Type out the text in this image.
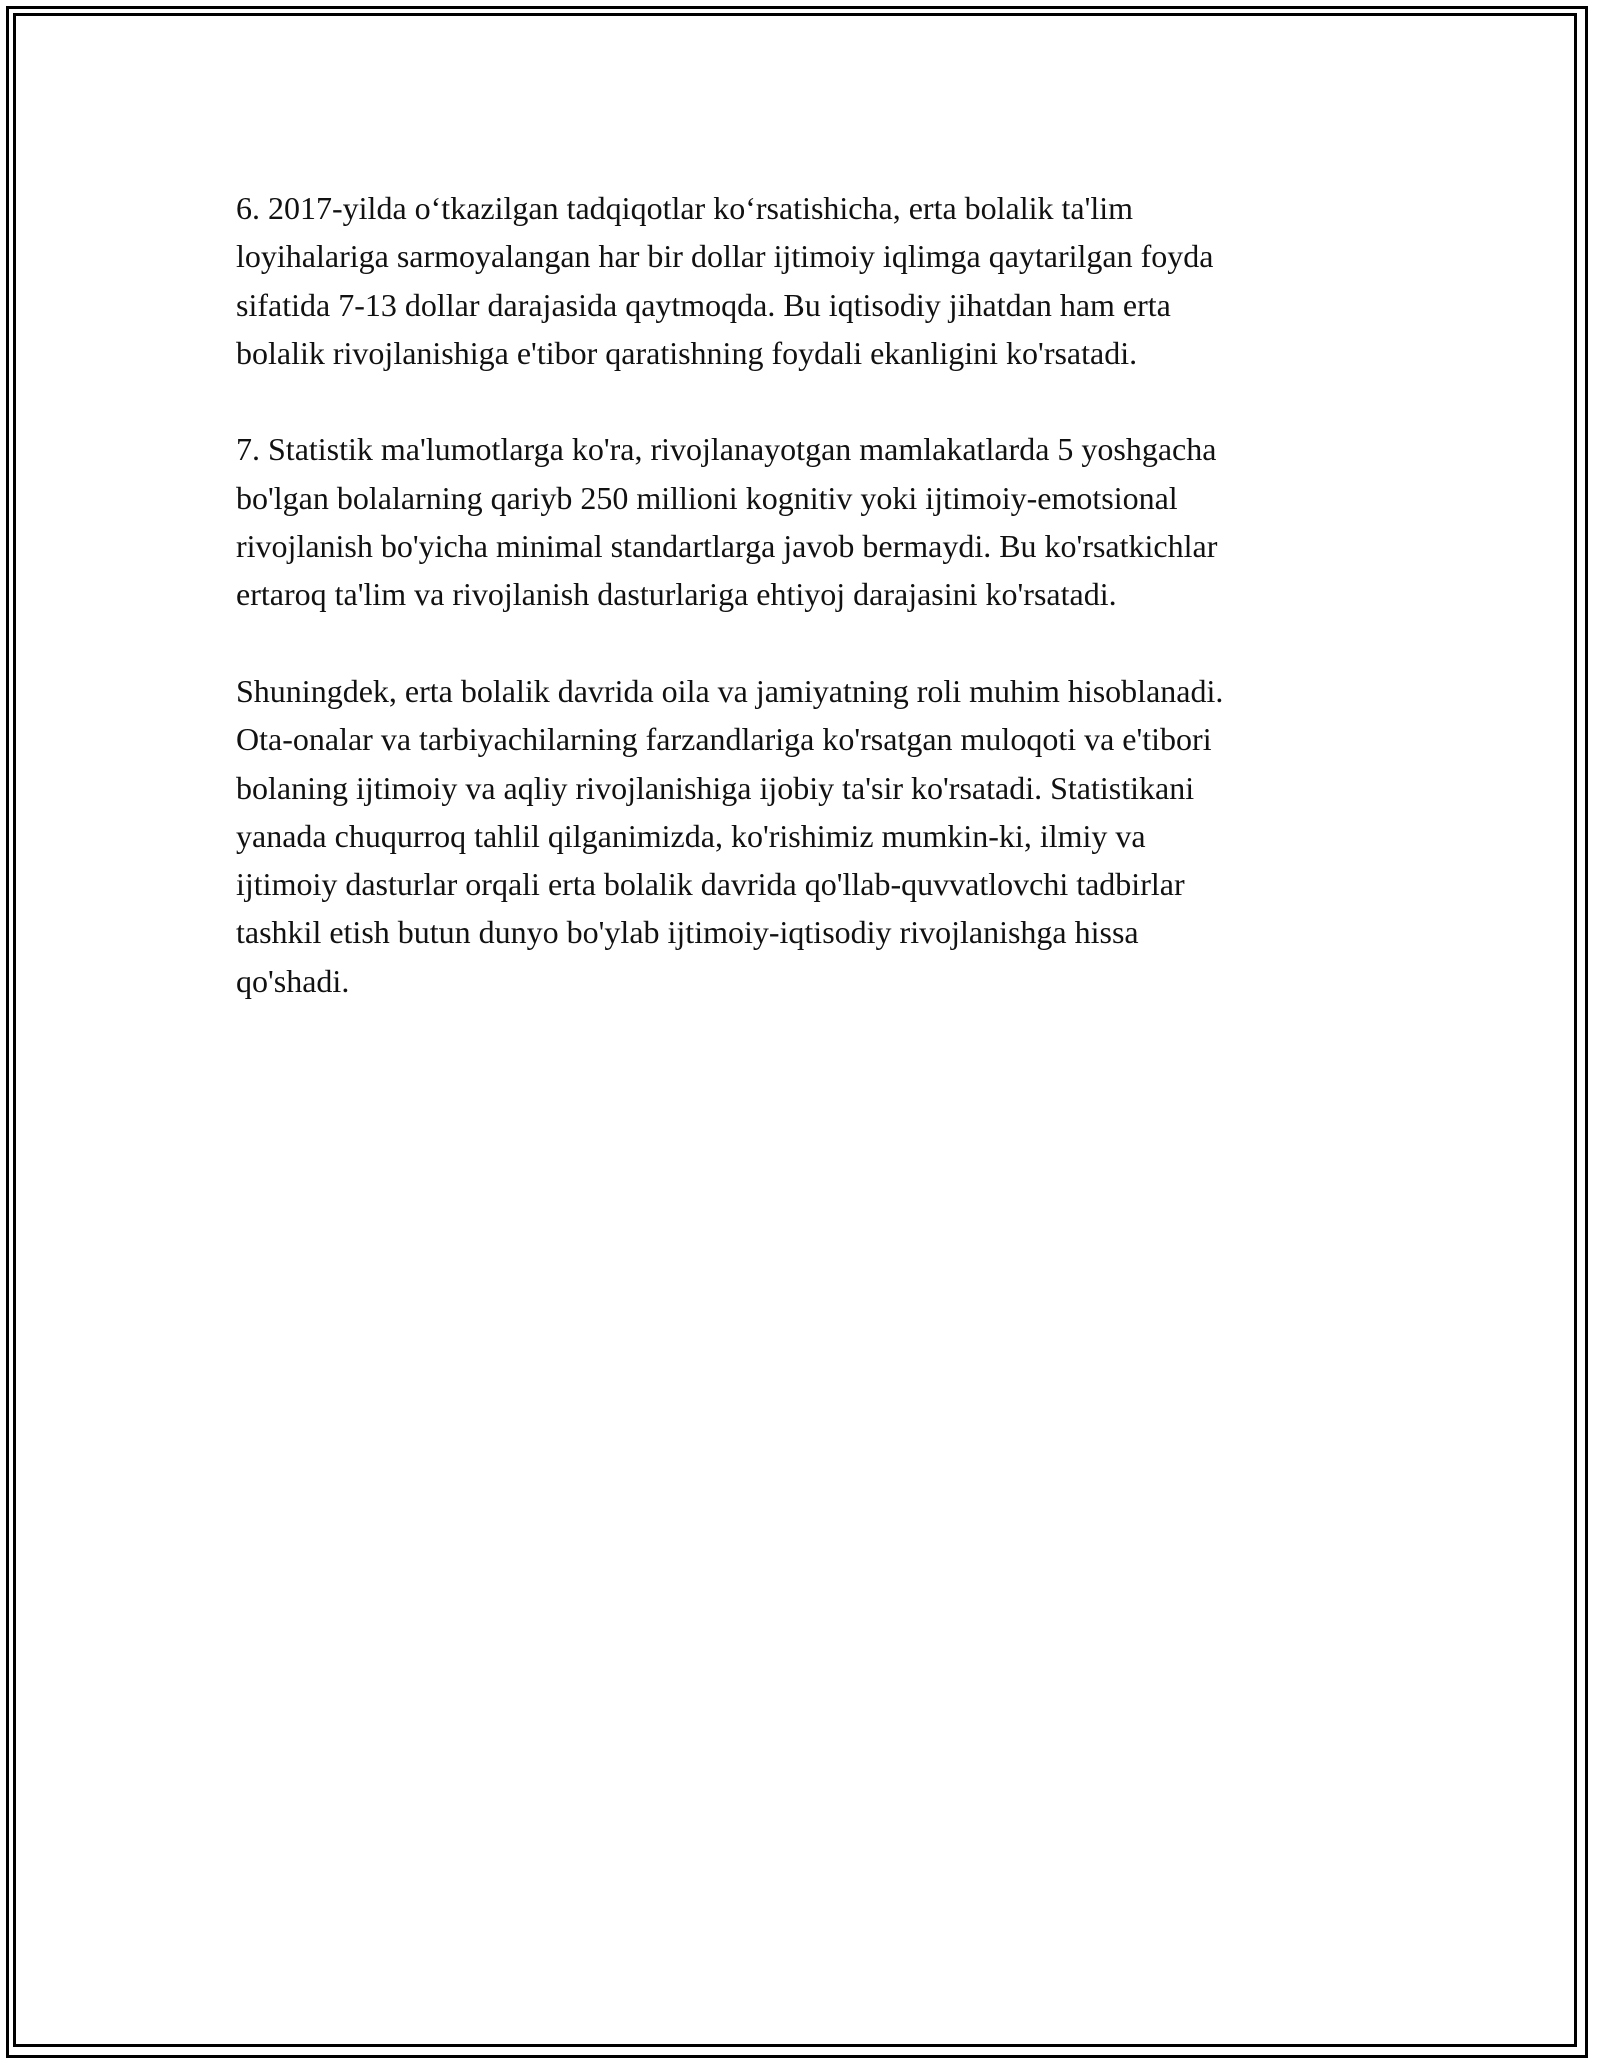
6. 2017-yilda o‘tkazilgan tadqiqotlar ko‘rsatishicha, erta bolalik ta'lim
loyihalariga sarmoyalangan har bir dollar ijtimoiy iqlimga qaytarilgan foyda
sifatida 7-13 dollar darajasida qaytmoqda. Bu iqtisodiy jihatdan ham erta
bolalik rivojlanishiga e'tibor qaratishning foydali ekanligini ko'rsatadi.

7. Statistik ma'lumotlarga ko'ra, rivojlanayotgan mamlakatlarda 5 yoshgacha
bo'lgan bolalarning qariyb 250 millioni kognitiv yoki ijtimoiy-emotsional
rivojlanish bo'yicha minimal standartlarga javob bermaydi. Bu ko'rsatkichlar
ertaroq ta'lim va rivojlanish dasturlariga ehtiyoj darajasini ko'rsatadi.

Shuningdek, erta bolalik davrida oila va jamiyatning roli muhim hisoblanadi.
Ota-onalar va tarbiyachilarning farzandlariga ko'rsatgan muloqoti va e'tibori
bolaning ijtimoiy va aqliy rivojlanishiga ijobiy ta'sir ko'rsatadi. Statistikani
yanada chuqurroq tahlil qilganimizda, ko'rishimiz mumkin-ki, ilmiy va
ijtimoiy dasturlar orqali erta bolalik davrida qo'llab-quvvatlovchi tadbirlar
tashkil etish butun dunyo bo'ylab ijtimoiy-iqtisodiy rivojlanishga hissa
qo'shadi.
